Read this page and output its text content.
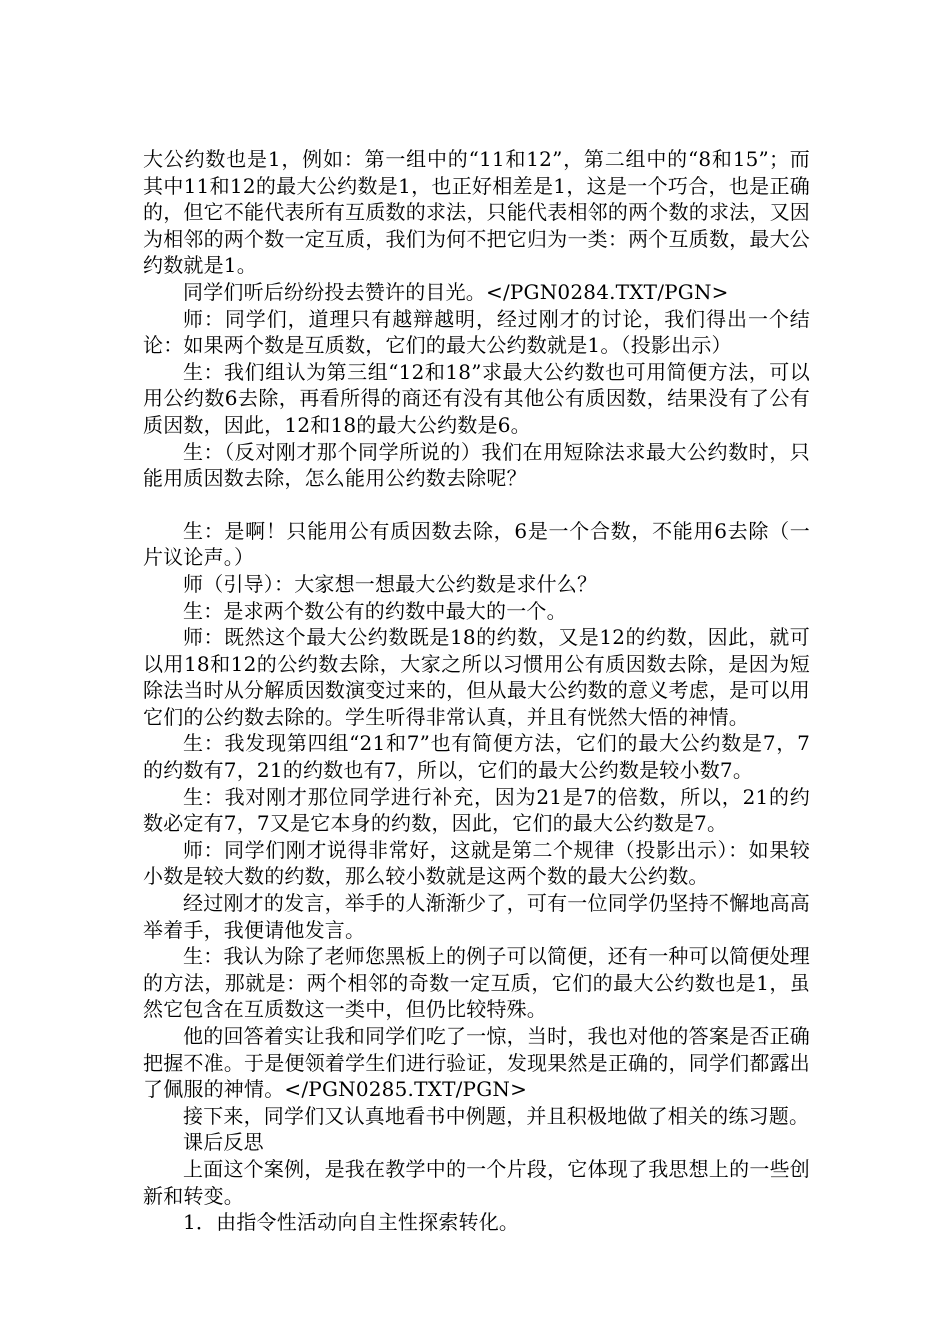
大公约数也是1，例如：第一组中的“11和12”，第二组中的“8和15”；而其中11和12的最大公约数是1，也正好相差是1，这是一个巧合，也是正确的，但它不能代表所有互质数的求法，只能代表相邻的两个数的求法，又因为相邻的两个数一定互质，我们为何不把它归为一类：两个互质数，最大公约数就是1。

同学们听后纷纷投去赞许的目光。</PGN0284.TXT/PGN>

师：同学们，道理只有越辩越明，经过刚才的讨论，我们得出一个结论：如果两个数是互质数，它们的最大公约数就是1。（投影出示）

生：我们组认为第三组“12和18”求最大公约数也可用简便方法，可以用公约数6去除，再看所得的商还有没有其他公有质因数，结果没有了公有质因数，因此，12和18的最大公约数是6。

生：（反对刚才那个同学所说的）我们在用短除法求最大公约数时，只能用质因数去除，怎么能用公约数去除呢？

生：是啊！只能用公有质因数去除，6是一个合数，不能用6去除（一片议论声。）

师（引导）：大家想一想最大公约数是求什么？

生：是求两个数公有的约数中最大的一个。

师：既然这个最大公约数既是18的约数，又是12的约数，因此，就可以用18和12的公约数去除，大家之所以习惯用公有质因数去除，是因为短除法当时从分解质因数演变过来的，但从最大公约数的意义考虑，是可以用它们的公约数去除的。学生听得非常认真，并且有恍然大悟的神情。

生：我发现第四组“21和7”也有简便方法，它们的最大公约数是7，7的约数有7，21的约数也有7，所以，它们的最大公约数是较小数7。

生：我对刚才那位同学进行补充，因为21是7的倍数，所以，21的约数必定有7，7又是它本身的约数，因此，它们的最大公约数是7。

师：同学们刚才说得非常好，这就是第二个规律（投影出示）：如果较小数是较大数的约数，那么较小数就是这两个数的最大公约数。

经过刚才的发言，举手的人渐渐少了，可有一位同学仍坚持不懈地高高举着手，我便请他发言。

生：我认为除了老师您黑板上的例子可以简便，还有一种可以简便处理的方法，那就是：两个相邻的奇数一定互质，它们的最大公约数也是1，虽然它包含在互质数这一类中，但仍比较特殊。

他的回答着实让我和同学们吃了一惊，当时，我也对他的答案是否正确把握不准。于是便领着学生们进行验证，发现果然是正确的，同学们都露出了佩服的神情。</PGN0285.TXT/PGN>

接下来，同学们又认真地看书中例题，并且积极地做了相关的练习题。

课后反思

上面这个案例，是我在教学中的一个片段，它体现了我思想上的一些创新和转变。

1．由指令性活动向自主性探索转化。
